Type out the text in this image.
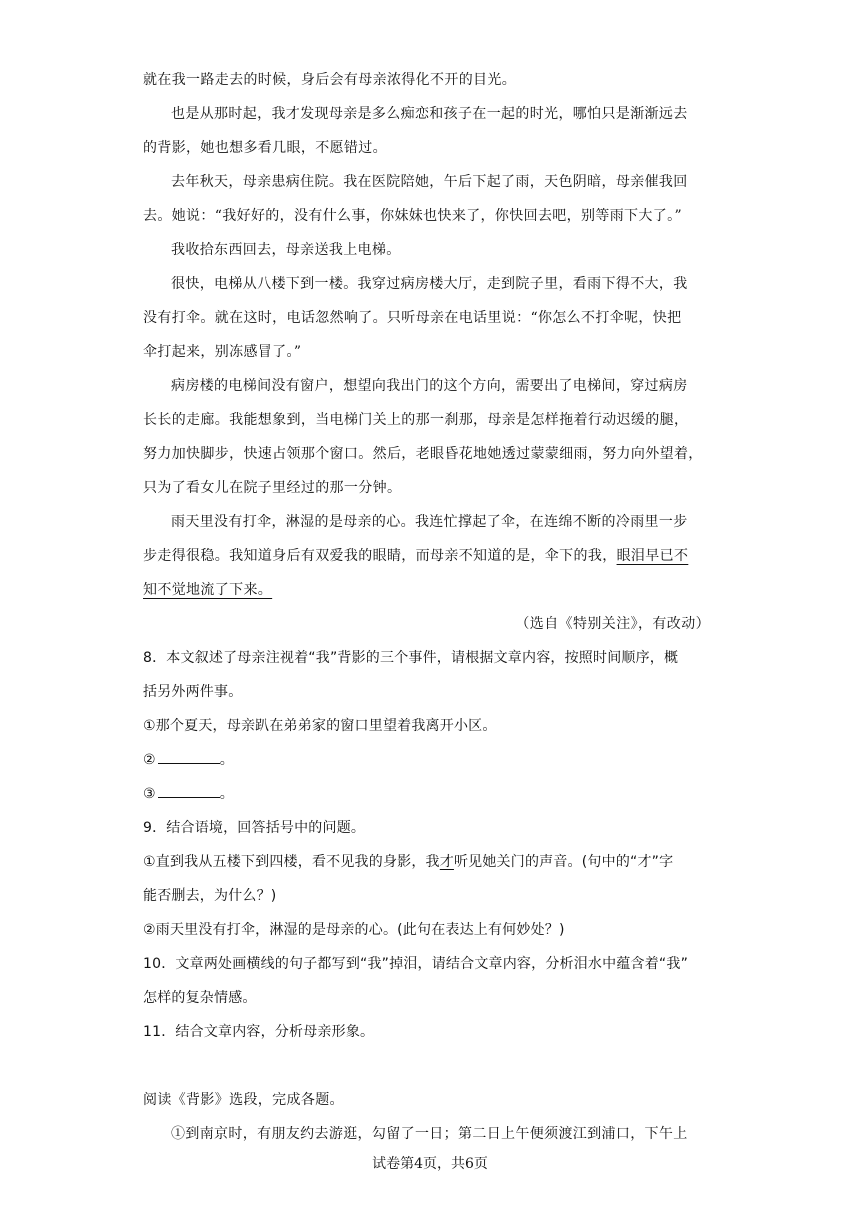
就在我一路走去的时候，身后会有母亲浓得化不开的目光。
也是从那时起，我才发现母亲是多么痴恋和孩子在一起的时光，哪怕只是渐渐远去
的背影，她也想多看几眼，不愿错过。
去年秋天，母亲患病住院。我在医院陪她，午后下起了雨，天色阴暗，母亲催我回
去。她说：“我好好的，没有什么事，你妹妹也快来了，你快回去吧，别等雨下大了。”
我收拾东西回去，母亲送我上电梯。
很快，电梯从八楼下到一楼。我穿过病房楼大厅，走到院子里，看雨下得不大，我
没有打伞。就在这时，电话忽然响了。只听母亲在电话里说：“你怎么不打伞呢，快把
伞打起来，别冻感冒了。”
病房楼的电梯间没有窗户，想望向我出门的这个方向，需要出了电梯间，穿过病房
长长的走廊。我能想象到，当电梯门关上的那一刹那，母亲是怎样拖着行动迟缓的腿，
努力加快脚步，快速占领那个窗口。然后，老眼昏花地她透过蒙蒙细雨，努力向外望着，
只为了看女儿在院子里经过的那一分钟。
雨天里没有打伞，淋湿的是母亲的心。我连忙撑起了伞，在连绵不断的冷雨里一步
步走得很稳。我知道身后有双爱我的眼睛，而母亲不知道的是，伞下的我，眼泪早已不
知不觉地流了下来。
（选自《特别关注》，有改动）
8．本文叙述了母亲注视着“我”背影的三个事件，请根据文章内容，按照时间顺序，概
括另外两件事。
①那个夏天，母亲趴在弟弟家的窗口里望着我离开小区。
②	。
③	。
9．结合语境，回答括号中的问题。
①直到我从五楼下到四楼，看不见我的身影，我才听见她关门的声音。(句中的“才”字
能否删去，为什么？)
②雨天里没有打伞，淋湿的是母亲的心。(此句在表达上有何妙处？)
10．文章两处画横线的句子都写到“我”掉泪，请结合文章内容，分析泪水中蕴含着“我”
怎样的复杂情感。
11．结合文章内容，分析母亲形象。
阅读《背影》选段，完成各题。
①到南京时，有朋友约去游逛，勾留了一日；第二日上午便须渡江到浦口，下午上
试卷第4页，共6页
